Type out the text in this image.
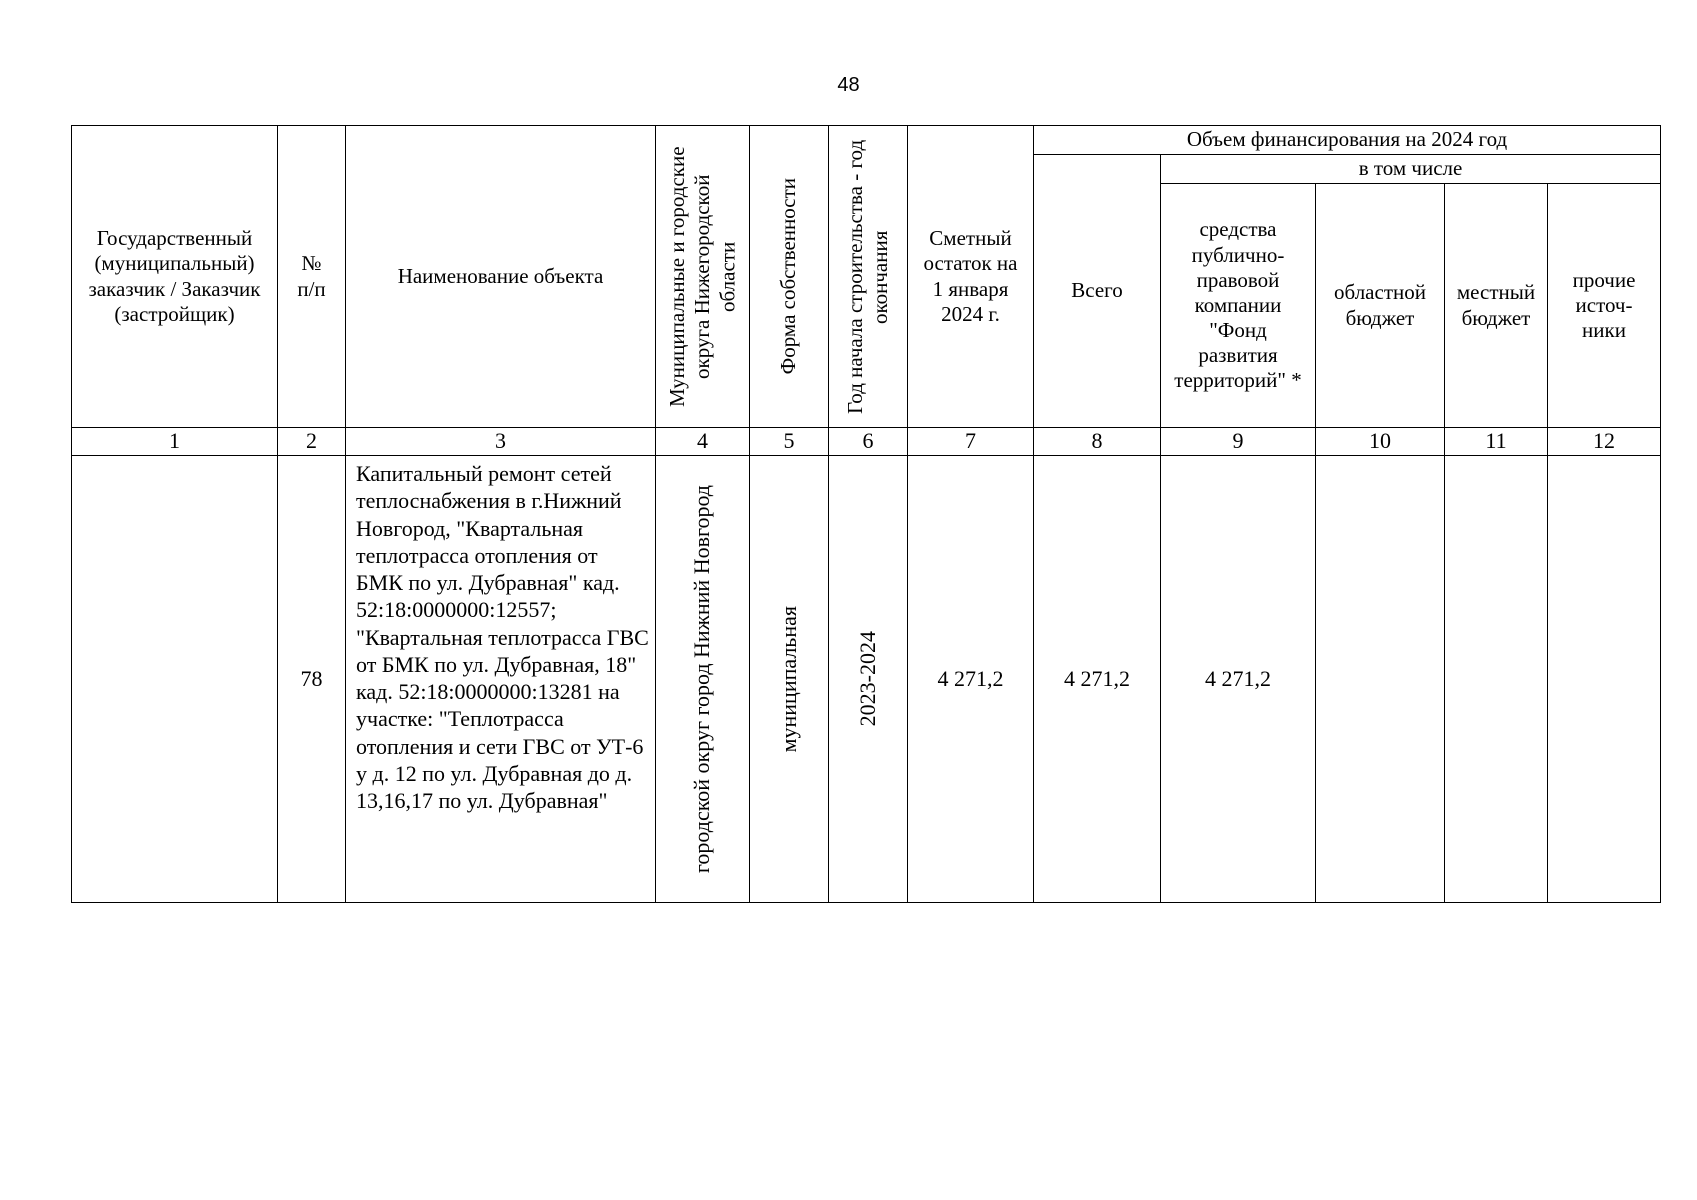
48
Государственный (муниципальный) заказчик / Заказчик (застройщик)	№ п/п	Наименование объекта	Муниципальные и городские округа Нижегородской области	Форма собственности	Год начала строительства - год окончания	Сметный остаток на 1 января 2024 г.	Объем финансирования на 2024 год				
							Всего	в том числе			
								средства публично-правовой компании "Фонд развития территорий" *	областной бюджет	местный бюджет	прочие источ-ники
1	2	3	4	5	6	7	8	9	10	11	12
	78	Капитальный ремонт сетей теплоснабжения в г.Нижний Новгород, "Квартальная теплотрасса отопления от БМК по ул. Дубравная" кад. 52:18:0000000:12557; "Квартальная теплотрасса ГВС от БМК по ул. Дубравная, 18" кад. 52:18:0000000:13281 на участке: "Теплотрасса отопления и сети ГВС от УТ-6 у д. 12 по ул. Дубравная до д. 13,16,17 по ул. Дубравная"	городской округ город Нижний Новгород	муниципальная	2023-2024	4 271,2	4 271,2	4 271,2			
